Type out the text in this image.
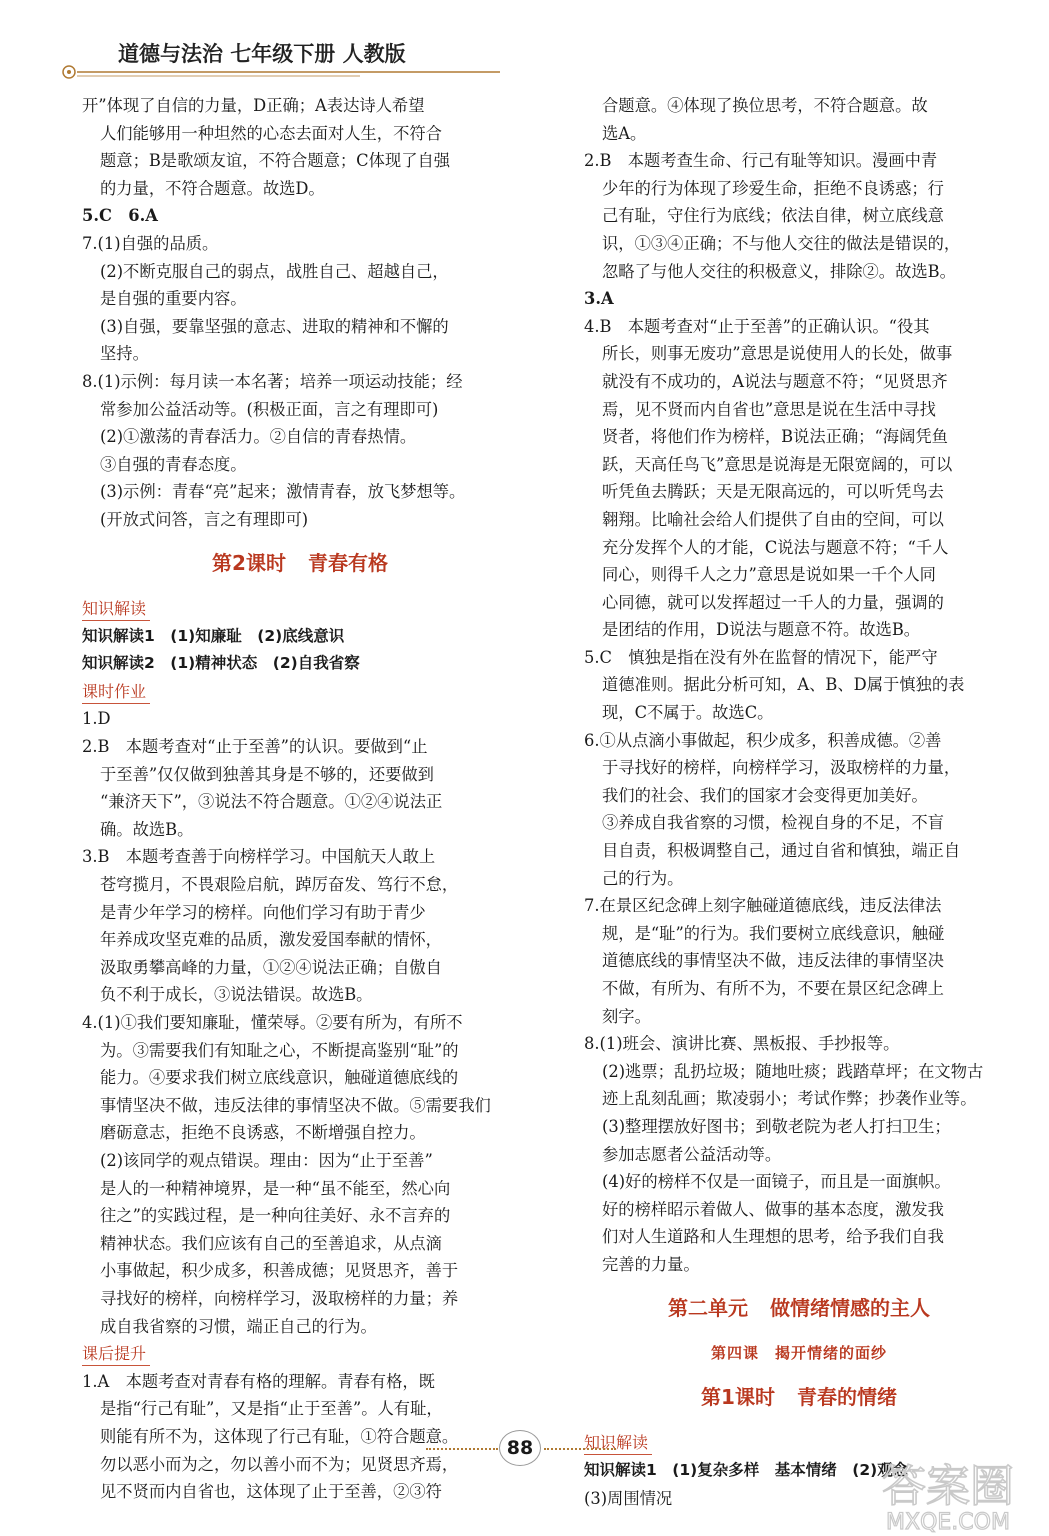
道德与法治 七年级下册 人教版
开”体现了自信的力量，D正确；A表达诗人希望
人们能够用一种坦然的心态去面对人生，不符合
题意；B是歌颂友谊，不符合题意；C体现了自强
的力量，不符合题意。故选D。
5.C　6.A
7.(1)自强的品质。
(2)不断克服自己的弱点，战胜自己、超越自己，
是自强的重要内容。
(3)自强，要靠坚强的意志、进取的精神和不懈的
坚持。
8.(1)示例：每月读一本名著；培养一项运动技能；经
常参加公益活动等。(积极正面，言之有理即可)
(2)①激荡的青春活力。②自信的青春热情。
③自强的青春态度。
(3)示例：青春“亮”起来；激情青春，放飞梦想等。
(开放式问答，言之有理即可)
第2课时 青春有格
知识解读
知识解读1　(1)知廉耻　(2)底线意识
知识解读2　(1)精神状态　(2)自我省察
课时作业
1.D
2.B　本题考查对“止于至善”的认识。要做到“止
于至善”仅仅做到独善其身是不够的，还要做到
“兼济天下”，③说法不符合题意。①②④说法正
确。故选B。
3.B　本题考查善于向榜样学习。中国航天人敢上
苍穹揽月，不畏艰险启航，踔厉奋发、笃行不怠，
是青少年学习的榜样。向他们学习有助于青少
年养成攻坚克难的品质，激发爱国奉献的情怀，
汲取勇攀高峰的力量，①②④说法正确；自傲自
负不利于成长，③说法错误。故选B。
4.(1)①我们要知廉耻，懂荣辱。②要有所为，有所不
为。③需要我们有知耻之心，不断提高鉴别“耻”的
能力。④要求我们树立底线意识，触碰道德底线的
事情坚决不做，违反法律的事情坚决不做。⑤需要我们
磨砺意志，拒绝不良诱惑，不断增强自控力。
(2)该同学的观点错误。理由：因为“止于至善”
是人的一种精神境界，是一种“虽不能至，然心向
往之”的实践过程，是一种向往美好、永不言弃的
精神状态。我们应该有自己的至善追求，从点滴
小事做起，积少成多，积善成德；见贤思齐，善于
寻找好的榜样，向榜样学习，汲取榜样的力量；养
成自我省察的习惯，端正自己的行为。
课后提升
1.A　本题考查对青春有格的理解。青春有格，既
是指“行己有耻”，又是指“止于至善”。人有耻，
则能有所不为，这体现了行己有耻，①符合题意。
勿以恶小而为之，勿以善小而不为；见贤思齐焉，
见不贤而内自省也，这体现了止于至善，②③符
合题意。④体现了换位思考，不符合题意。故
选A。
2.B　本题考查生命、行己有耻等知识。漫画中青
少年的行为体现了珍爱生命，拒绝不良诱惑；行
己有耻，守住行为底线；依法自律，树立底线意
识，①③④正确；不与他人交往的做法是错误的，
忽略了与他人交往的积极意义，排除②。故选B。
3.A
4.B　本题考查对“止于至善”的正确认识。“役其
所长，则事无废功”意思是说使用人的长处，做事
就没有不成功的，A说法与题意不符；“见贤思齐
焉，见不贤而内自省也”意思是说在生活中寻找
贤者，将他们作为榜样，B说法正确；“海阔凭鱼
跃，天高任鸟飞”意思是说海是无限宽阔的，可以
听凭鱼去腾跃；天是无限高远的，可以听凭鸟去
翱翔。比喻社会给人们提供了自由的空间，可以
充分发挥个人的才能，C说法与题意不符；“千人
同心，则得千人之力”意思是说如果一千个人同
心同德，就可以发挥超过一千人的力量，强调的
是团结的作用，D说法与题意不符。故选B。
5.C　慎独是指在没有外在监督的情况下，能严守
道德准则。据此分析可知，A、B、D属于慎独的表
现，C不属于。故选C。
6.①从点滴小事做起，积少成多，积善成德。②善
于寻找好的榜样，向榜样学习，汲取榜样的力量，
我们的社会、我们的国家才会变得更加美好。
③养成自我省察的习惯，检视自身的不足，不盲
目自责，积极调整自己，通过自省和慎独，端正自
己的行为。
7.在景区纪念碑上刻字触碰道德底线，违反法律法
规，是“耻”的行为。我们要树立底线意识，触碰
道德底线的事情坚决不做，违反法律的事情坚决
不做，有所为、有所不为，不要在景区纪念碑上
刻字。
8.(1)班会、演讲比赛、黑板报、手抄报等。
(2)逃票；乱扔垃圾；随地吐痰；践踏草坪；在文物古
迹上乱刻乱画；欺凌弱小；考试作弊；抄袭作业等。
(3)整理摆放好图书；到敬老院为老人打扫卫生；
参加志愿者公益活动等。
(4)好的榜样不仅是一面镜子，而且是一面旗帜。
好的榜样昭示着做人、做事的基本态度，激发我
们对人生道路和人生理想的思考，给予我们自我
完善的力量。
第二单元 做情绪情感的主人
第四课　揭开情绪的面纱
第1课时 青春的情绪
知识解读
知识解读1　(1)复杂多样　基本情绪　(2)观念
(3)周围情况
88
答案圈
MXQE.COM
